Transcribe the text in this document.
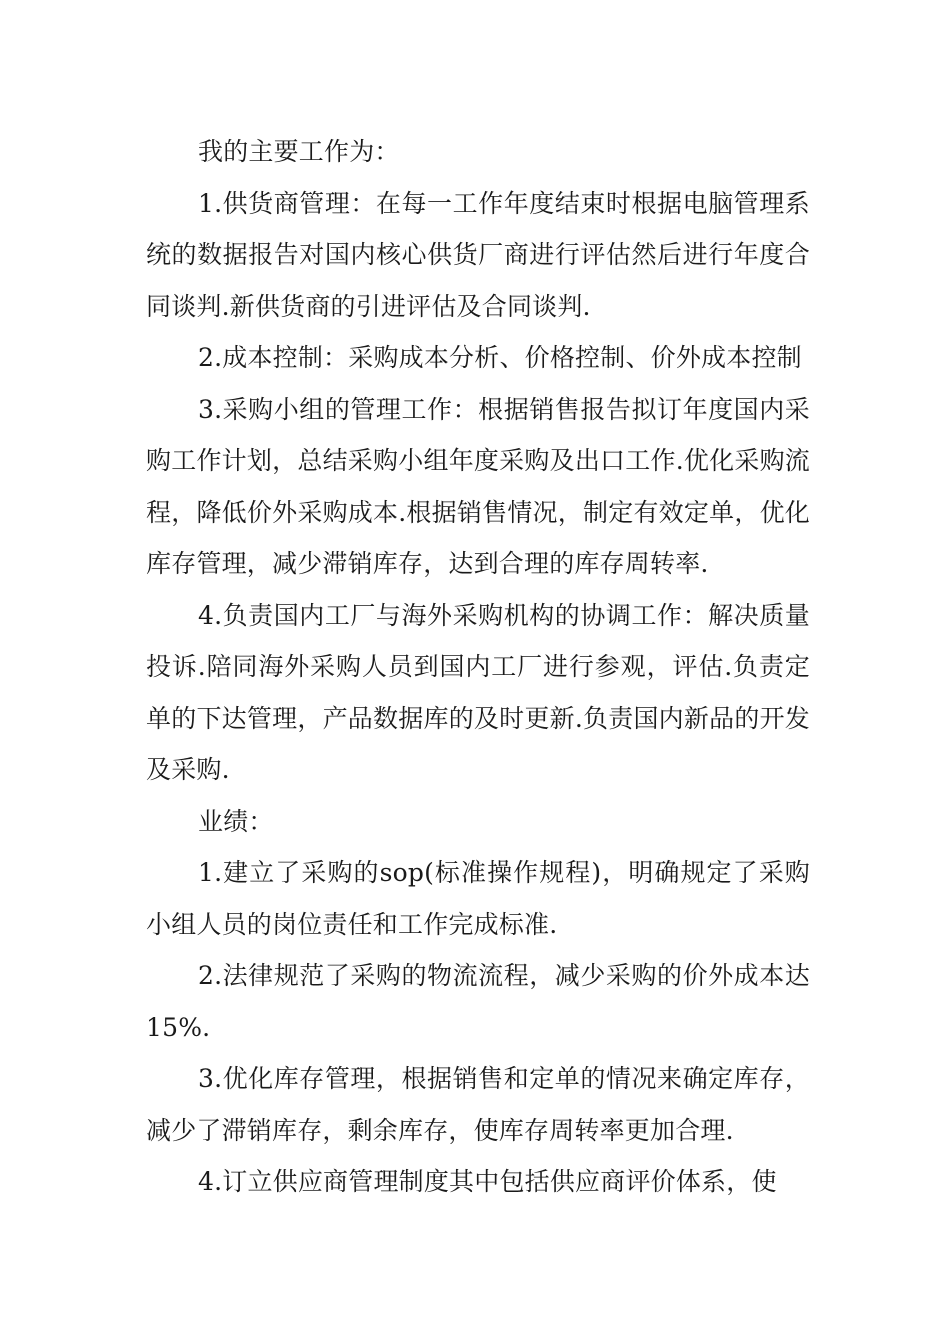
我的主要工作为：

1.供货商管理：在每一工作年度结束时根据电脑管理系统的数据报告对国内核心供货厂商进行评估然后进行年度合同谈判.新供货商的引进评估及合同谈判.

2.成本控制：采购成本分析、价格控制、价外成本控制

3.采购小组的管理工作：根据销售报告拟订年度国内采购工作计划，总结采购小组年度采购及出口工作.优化采购流程，降低价外采购成本.根据销售情况，制定有效定单，优化库存管理，减少滞销库存，达到合理的库存周转率.

4.负责国内工厂与海外采购机构的协调工作：解决质量投诉.陪同海外采购人员到国内工厂进行参观，评估.负责定单的下达管理，产品数据库的及时更新.负责国内新品的开发及采购.

业绩：

1.建立了采购的sop(标准操作规程)，明确规定了采购小组人员的岗位责任和工作完成标准.

2.法律规范了采购的物流流程，减少采购的价外成本达15%.

3.优化库存管理，根据销售和定单的情况来确定库存，减少了滞销库存，剩余库存，使库存周转率更加合理.

4.订立供应商管理制度其中包括供应商评价体系，使
